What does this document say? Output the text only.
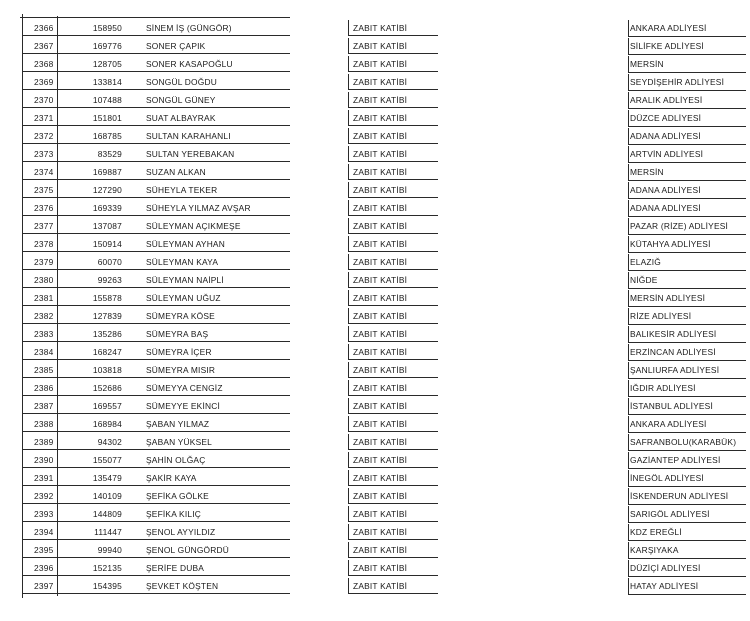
2366	158950	SİNEM İŞ (GÜNGÖR)	ZABIT KATİBİ	ANKARA ADLİYESİ
2367	169776	SONER ÇAPIK	ZABIT KATİBİ	SİLİFKE ADLİYESİ
2368	128705	SONER KASAPOĞLU	ZABIT KATİBİ	MERSİN
2369	133814	SONGÜL DOĞDU	ZABIT KATİBİ	SEYDİŞEHİR ADLİYESİ
2370	107488	SONGÜL GÜNEY	ZABIT KATİBİ	ARALIK ADLİYESİ
2371	151801	SUAT ALBAYRAK	ZABIT KATİBİ	DÜZCE ADLİYESİ
2372	168785	SULTAN KARAHANLI	ZABIT KATİBİ	ADANA ADLİYESİ
2373	83529	SULTAN YEREBAKAN	ZABIT KATİBİ	ARTVİN ADLİYESİ
2374	169887	SUZAN ALKAN	ZABIT KATİBİ	MERSİN
2375	127290	SÜHEYLA TEKER	ZABIT KATİBİ	ADANA ADLİYESİ
2376	169339	SÜHEYLA YILMAZ AVŞAR	ZABIT KATİBİ	ADANA ADLİYESİ
2377	137087	SÜLEYMAN AÇIKMEŞE	ZABIT KATİBİ	PAZAR (RİZE) ADLİYESİ
2378	150914	SÜLEYMAN AYHAN	ZABIT KATİBİ	KÜTAHYA ADLİYESİ
2379	60070	SÜLEYMAN KAYA	ZABIT KATİBİ	ELAZIĞ
2380	99263	SÜLEYMAN NAİPLİ	ZABIT KATİBİ	NİĞDE
2381	155878	SÜLEYMAN UĞUZ	ZABIT KATİBİ	MERSİN ADLİYESİ
2382	127839	SÜMEYRA KÖSE	ZABIT KATİBİ	RİZE ADLİYESİ
2383	135286	SÜMEYRA BAŞ	ZABIT KATİBİ	BALIKESİR ADLİYESİ
2384	168247	SÜMEYRA İÇER	ZABIT KATİBİ	ERZİNCAN ADLİYESİ
2385	103818	SÜMEYRA MISIR	ZABIT KATİBİ	ŞANLIURFA ADLİYESİ
2386	152686	SÜMEYYA CENGİZ	ZABIT KATİBİ	IĞDIR ADLİYESİ
2387	169557	SÜMEYYE EKİNCİ	ZABIT KATİBİ	İSTANBUL ADLİYESİ
2388	168984	ŞABAN YILMAZ	ZABIT KATİBİ	ANKARA ADLİYESİ
2389	94302	ŞABAN YÜKSEL	ZABIT KATİBİ	SAFRANBOLU(KARABÜK)
2390	155077	ŞAHİN OLĞAÇ	ZABIT KATİBİ	GAZİANTEP ADLİYESİ
2391	135479	ŞAKİR KAYA	ZABIT KATİBİ	İNEGÖL ADLİYESİ
2392	140109	ŞEFİKA GÖLKE	ZABIT KATİBİ	İSKENDERUN ADLİYESİ
2393	144809	ŞEFİKA KILIÇ	ZABIT KATİBİ	SARIGÖL ADLİYESİ
2394	111447	ŞENOL AYYILDIZ	ZABIT KATİBİ	KDZ EREĞLİ
2395	99940	ŞENOL GÜNGÖRDÜ	ZABIT KATİBİ	KARŞIYAKA
2396	152135	ŞERİFE DUBA	ZABIT KATİBİ	DÜZİÇİ ADLİYESİ
2397	154395	ŞEVKET KÖŞTEN	ZABIT KATİBİ	HATAY ADLİYESİ
